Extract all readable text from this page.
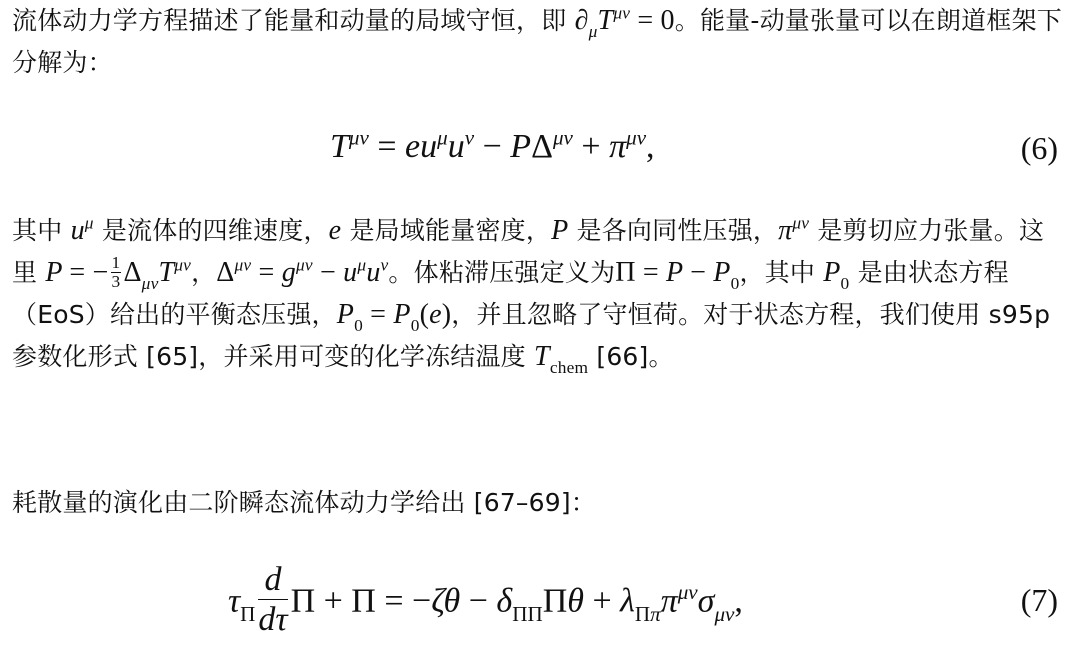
流体动力学方程描述了能量和动量的局域守恒，即 $\partial_\mu T^{\mu\nu} = 0$。能量-动量张量可以在朗道框架下分解为：
$T^{\mu\nu} = eu^\mu u^\nu - P\Delta^{\mu\nu} + \pi^{\mu\nu}$,	(6)
其中 $u^\mu$ 是流体的四维速度，e 是局域能量密度，P 是各向同性压强，$\pi^{\mu\nu}$ 是剪切应力张量。这里 P = − $\frac{1}{3} \Delta_{\mu\nu}T^{\mu\nu}$，$\Delta^{\mu\nu} = g^{\mu\nu} - u^\mu u^\nu$。体粘滞压强定义为$\Pi = P - P_0$，其中 $P_0$ 是由状态方程（EoS）给出的平衡态压强，$P_0 = P_0(e)$，并且忽略了守恒荷。对于状态方程，我们使用 s95p 参数化形式 [65]，并采用可变的化学冻结温度 $T_{chem}$ [66]。
耗散量的演化由二阶瞬态流体动力学给出 [67–69]：
$\tau_\Pi \frac{d}{d\tau}$ $\Pi + \Pi = -\zeta\theta - \delta_{\Pi\Pi}\Pi\theta + \lambda_{\Pi\pi}\pi^{\mu\nu}\sigma_{\mu\nu}$,	(7)
